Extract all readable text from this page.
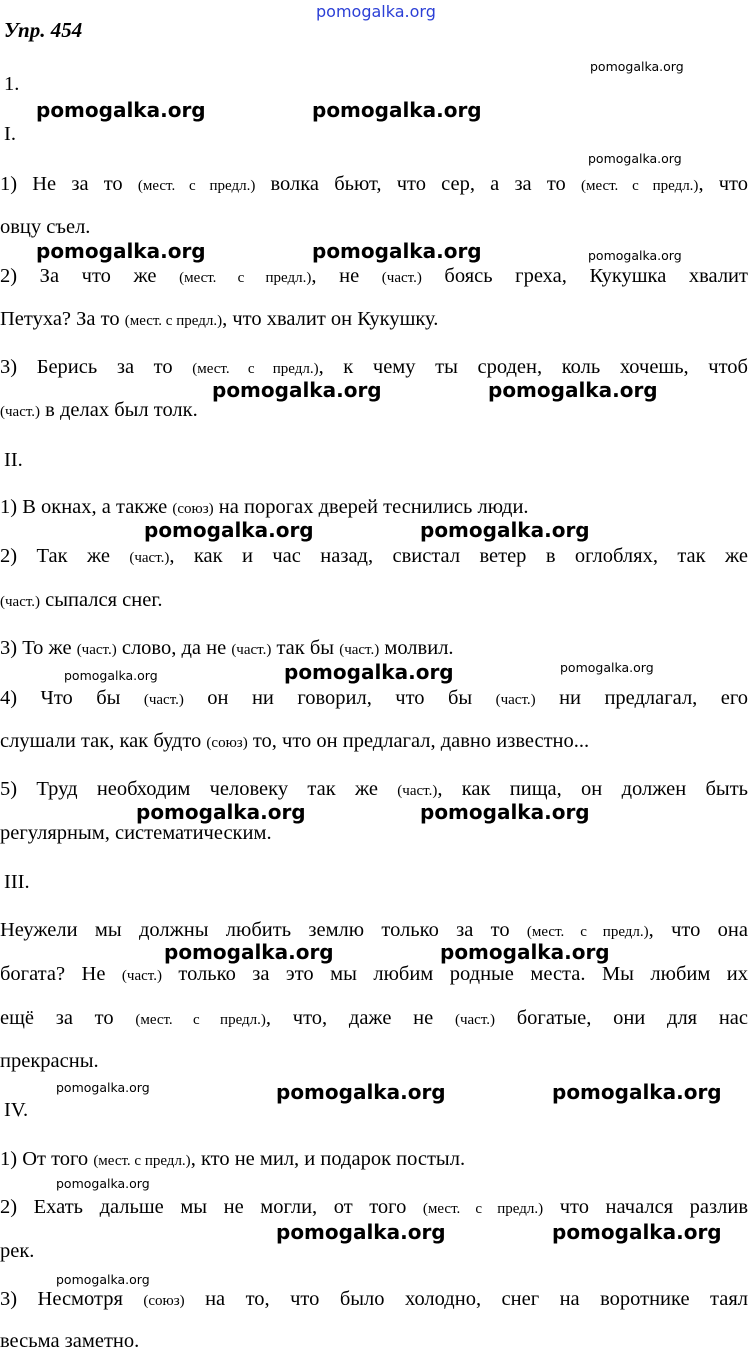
pomogalka.org
Упр. 454
1.
I.
1) Не за то (мест. с предл.) волка бьют, что сер, а за то (мест. с предл.), что
овцу съел.
2) За что же (мест. с предл.), не (част.) боясь греха, Кукушка хвалит
Петуха? За то (мест. с предл.), что хвалит он Кукушку.
3) Берись за то (мест. с предл.), к чему ты сроден, коль хочешь, чтоб
(част.) в делах был толк.
II.
1) В окнах, а также (союз) на порогах дверей теснились люди.
2) Так же (част.), как и час назад, свистал ветер в оглоблях, так же
(част.) сыпался снег.
3) То же (част.) слово, да не (част.) так бы (част.) молвил.
4) Что бы (част.) он ни говорил, что бы (част.) ни предлагал, его
слушали так, как будто (союз) то, что он предлагал, давно известно...
5) Труд необходим человеку так же (част.), как пища, он должен быть
регулярным, систематическим.
III.
Неужели мы должны любить землю только за то (мест. с предл.), что она
богата? Не (част.) только за это мы любим родные места. Мы любим их
ещё за то (мест. с предл.), что, даже не (част.) богатые, они для нас
прекрасны.
IV.
1) От того (мест. с предл.), кто не мил, и подарок постыл.
2) Ехать дальше мы не могли, от того (мест. с предл.) что начался разлив
рек.
3) Несмотря (союз) на то, что было холодно, снег на воротнике таял
весьма заметно.
pomogalka.org
pomogalka.org	pomogalka.org
pomogalka.org
pomogalka.org	pomogalka.org	pomogalka.org
pomogalka.org	pomogalka.org
pomogalka.org	pomogalka.org
pomogalka.org	pomogalka.org	pomogalka.org
pomogalka.org	pomogalka.org
pomogalka.org	pomogalka.org
pomogalka.org	pomogalka.org	pomogalka.org
pomogalka.org
pomogalka.org	pomogalka.org
pomogalka.org
